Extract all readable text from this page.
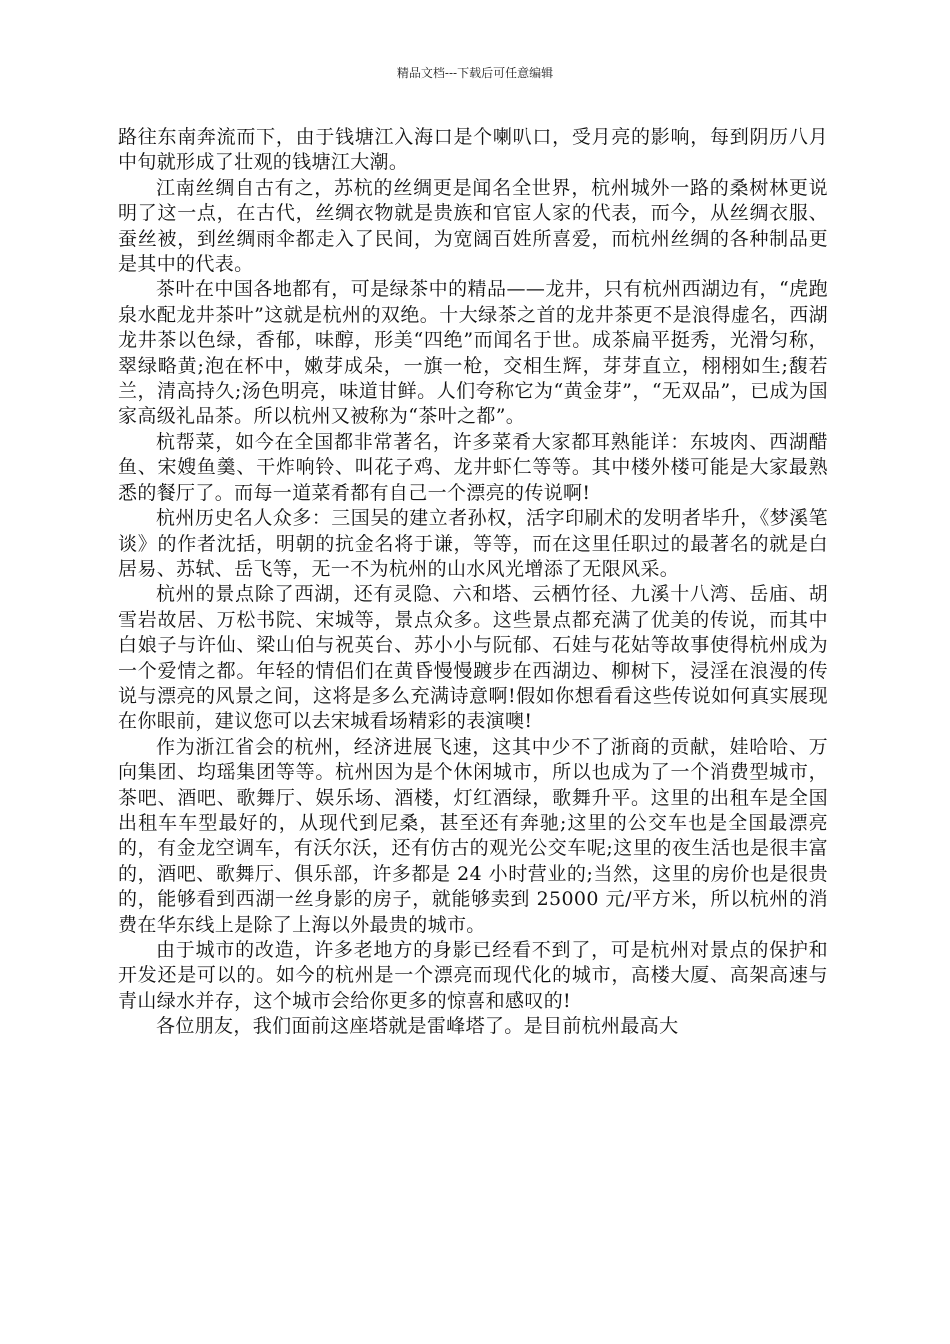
精品文档---下载后可任意编辑

路往东南奔流而下，由于钱塘江入海口是个喇叭口，受月亮的影响，每到阴历八月中旬就形成了壮观的钱塘江大潮。

江南丝绸自古有之，苏杭的丝绸更是闻名全世界，杭州城外一路的桑树林更说明了这一点，在古代，丝绸衣物就是贵族和官宦人家的代表，而今，从丝绸衣服、蚕丝被，到丝绸雨伞都走入了民间，为宽阔百姓所喜爱，而杭州丝绸的各种制品更是其中的代表。

茶叶在中国各地都有，可是绿茶中的精品——龙井，只有杭州西湖边有，“虎跑泉水配龙井茶叶”这就是杭州的双绝。十大绿茶之首的龙井茶更不是浪得虚名，西湖龙井茶以色绿，香郁，味醇，形美“四绝”而闻名于世。成茶扁平挺秀，光滑匀称，翠绿略黄;泡在杯中，嫩芽成朵，一旗一枪，交相生辉，芽芽直立，栩栩如生;馥若兰，清高持久;汤色明亮，味道甘鲜。人们夸称它为“黄金芽”，“无双品”，已成为国家高级礼品茶。所以杭州又被称为“茶叶之都”。

杭帮菜，如今在全国都非常著名，许多菜肴大家都耳熟能详：东坡肉、西湖醋鱼、宋嫂鱼羹、干炸响铃、叫花子鸡、龙井虾仁等等。其中楼外楼可能是大家最熟悉的餐厅了。而每一道菜肴都有自己一个漂亮的传说啊!

杭州历史名人众多：三国吴的建立者孙权，活字印刷术的发明者毕升，《梦溪笔谈》的作者沈括，明朝的抗金名将于谦，等等，而在这里任职过的最著名的就是白居易、苏轼、岳飞等，无一不为杭州的山水风光增添了无限风采。

杭州的景点除了西湖，还有灵隐、六和塔、云栖竹径、九溪十八湾、岳庙、胡雪岩故居、万松书院、宋城等，景点众多。这些景点都充满了优美的传说，而其中白娘子与许仙、梁山伯与祝英台、苏小小与阮郁、石娃与花姑等故事使得杭州成为一个爱情之都。年轻的情侣们在黄昏慢慢踱步在西湖边、柳树下，浸淫在浪漫的传说与漂亮的风景之间，这将是多么充满诗意啊!假如你想看看这些传说如何真实展现在你眼前，建议您可以去宋城看场精彩的表演噢!

作为浙江省会的杭州，经济进展飞速，这其中少不了浙商的贡献，娃哈哈、万向集团、均瑶集团等等。杭州因为是个休闲城市，所以也成为了一个消费型城市，茶吧、酒吧、歌舞厅、娱乐场、酒楼，灯红酒绿，歌舞升平。这里的出租车是全国出租车车型最好的，从现代到尼桑，甚至还有奔驰;这里的公交车也是全国最漂亮的，有金龙空调车，有沃尔沃，还有仿古的观光公交车呢;这里的夜生活也是很丰富的，酒吧、歌舞厅、俱乐部，许多都是 24 小时营业的;当然，这里的房价也是很贵的，能够看到西湖一丝身影的房子，就能够卖到 25000 元/平方米，所以杭州的消费在华东线上是除了上海以外最贵的城市。

由于城市的改造，许多老地方的身影已经看不到了，可是杭州对景点的保护和开发还是可以的。如今的杭州是一个漂亮而现代化的城市，高楼大厦、高架高速与青山绿水并存，这个城市会给你更多的惊喜和感叹的!

各位朋友，我们面前这座塔就是雷峰塔了。是目前杭州最高大
